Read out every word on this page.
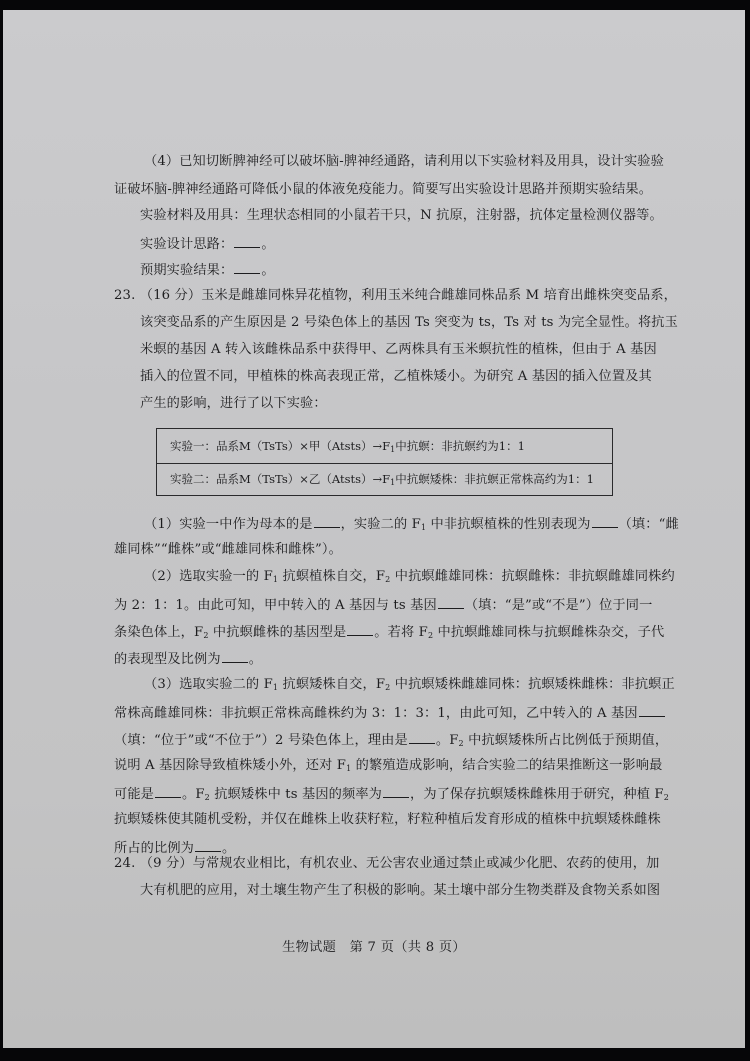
（4）已知切断脾神经可以破坏脑-脾神经通路，请利用以下实验材料及用具，设计实验验
证破坏脑-脾神经通路可降低小鼠的体液免疫能力。简要写出实验设计思路并预期实验结果。
实验材料及用具：生理状态相同的小鼠若干只，N 抗原，注射器，抗体定量检测仪器等。
实验设计思路： 。
预期实验结果： 。
23. （16 分）玉米是雌雄同株异花植物，利用玉米纯合雌雄同株品系 M 培育出雌株突变品系，
该突变品系的产生原因是 2 号染色体上的基因 Ts 突变为 ts，Ts 对 ts 为完全显性。将抗玉
米螟的基因 A 转入该雌株品系中获得甲、乙两株具有玉米螟抗性的植株，但由于 A 基因
插入的位置不同，甲植株的株高表现正常，乙植株矮小。为研究 A 基因的插入位置及其
产生的影响，进行了以下实验：
实验一：品系M（TsTs）×甲$(Atsts)\to F_1$中抗螟：非抗螟约为1：1
实验二：品系M（TsTs）×乙$(Atsts)\to F_1$中抗螟矮株：非抗螟正常株高约为1：1
（1）实验一中作为母本的是 ，实验二的 $F_1$ 中非抗螟植株的性别表现为 （填：“雌
雄同株”“雌株”或“雌雄同株和雌株”）。
（2）选取实验一的 $F_1$ 抗螟植株自交，$F_2$ 中抗螟雌雄同株：抗螟雌株：非抗螟雌雄同株约
为 2：1：1。由此可知，甲中转入的 A 基因与 ts 基因 （填：“是”或“不是”）位于同一
条染色体上，$F_2$ 中抗螟雌株的基因型是 。若将 $F_2$ 中抗螟雌雄同株与抗螟雌株杂交，子代
的表现型及比例为 。
（3）选取实验二的 $F_1$ 抗螟矮株自交，$F_2$ 中抗螟矮株雌雄同株：抗螟矮株雌株：非抗螟正
常株高雌雄同株：非抗螟正常株高雌株约为 3：1：3：1，由此可知，乙中转入的 A 基因
（填：“位于”或“不位于”）2 号染色体上，理由是 。$F_2$ 中抗螟矮株所占比例低于预期值，
说明 A 基因除导致植株矮小外，还对 $F_1$ 的繁殖造成影响，结合实验二的结果推断这一影响最
可能是 。$F_2$ 抗螟矮株中 ts 基因的频率为 ，为了保存抗螟矮株雌株用于研究，种植 $F_2$
抗螟矮株使其随机受粉，并仅在雌株上收获籽粒，籽粒种植后发育形成的植株中抗螟矮株雌株
所占的比例为 。
24. （9 分）与常规农业相比，有机农业、无公害农业通过禁止或减少化肥、农药的使用，加
大有机肥的应用，对土壤生物产生了积极的影响。某土壤中部分生物类群及食物关系如图
生物试题　第 7 页（共 8 页）
